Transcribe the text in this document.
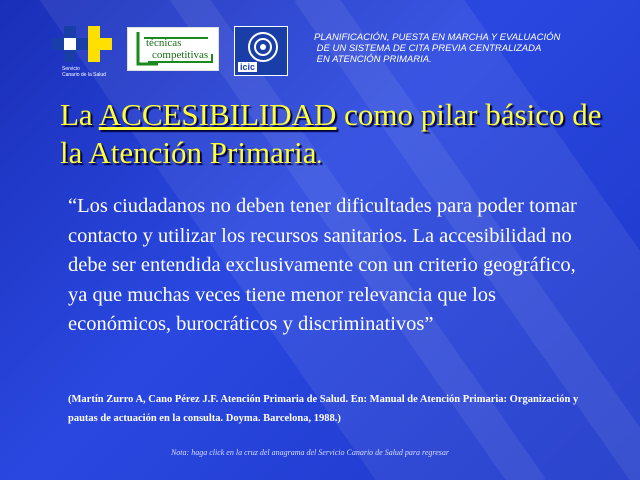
Servicio
Canario de la Salud
técnicas
competitivas
icic
PLANIFICACIÓN, PUESTA EN MARCHA Y EVALUACIÓN
DE UN SISTEMA DE CITA PREVIA CENTRALIZADA
EN ATENCIÓN PRIMARIA.
La ACCESIBILIDAD como pilar básico de la Atención Primaria.
“Los ciudadanos no deben tener dificultades para poder tomar contacto y utilizar los recursos sanitarios. La accesibilidad no debe ser entendida exclusivamente con un criterio geográfico, ya que muchas veces tiene menor relevancia que los económicos, burocráticos y discriminativos”
(Martín Zurro A, Cano Pérez J.F. Atención Primaria de Salud. En: Manual de Atención Primaria: Organización y pautas de actuación en la consulta. Doyma. Barcelona, 1988.)
Nota: haga click en la cruz del anagrama del Servicio Canario de Salud para regresar
